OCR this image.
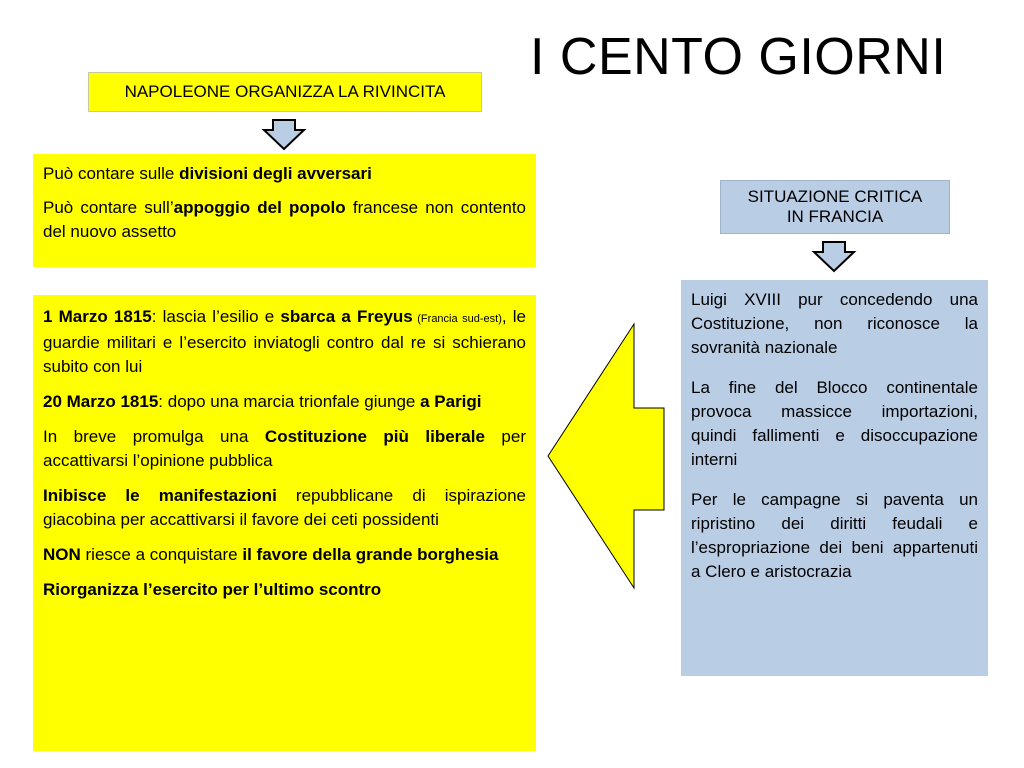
I CENTO GIORNI
NAPOLEONE ORGANIZZA LA RIVINCITA

Può contare sulle divisioni degli avversari

Può contare sull’appoggio del popolo francese non contento del nuovo assetto

1 Marzo 1815: lascia l’esilio e sbarca a Freyus (Francia sud-est), le guardie militari e l’esercito inviatogli contro dal re si schierano subito con lui

20 Marzo 1815: dopo una marcia trionfale giunge a Parigi

In breve promulga una Costituzione più liberale per accattivarsi l’opinione pubblica

Inibisce le manifestazioni repubblicane di ispirazione giacobina per accattivarsi il favore dei ceti possidenti

NON riesce a conquistare il favore della grande borghesia

Riorganizza l’esercito per l’ultimo scontro

SITUAZIONE CRITICA
IN FRANCIA

Luigi XVIII pur concedendo una Costituzione, non riconosce la sovranità nazionale

La fine del Blocco continentale provoca massicce importazioni, quindi fallimenti e disoccupazione interni

Per le campagne si paventa un ripristino dei diritti feudali e l’espropriazione dei beni appartenuti a Clero e aristocrazia
